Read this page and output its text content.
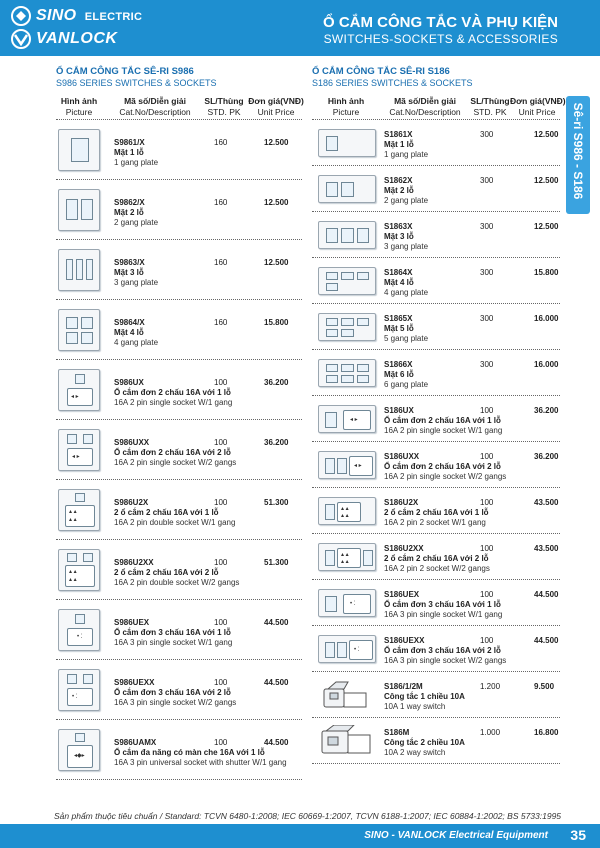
SINO ELECTRIC
VANLOCK
Ổ CẮM CÔNG TẮC VÀ PHỤ KIỆN
SWITCHES-SOCKETS & ACCESSORIES
Sê-ri S986 - S186
Ổ CẮM CÔNG TẮC SÊ-RI S986
S986 SERIES SWITCHES & SOCKETS
Ổ CẮM CÔNG TẮC SÊ-RI S186
S186 SERIES SWITCHES & SOCKETS
Hình ảnh
Picture
Mã số/Diễn giải
Cat.No/Description
SL/Thùng
STD. PK
Đơn giá(VNĐ)
Unit Price
S9861/X	160	12.500
Mặt 1 lỗ
1 gang plate
S9862/X	160	12.500
Mặt 2 lỗ
2 gang plate
S9863/X	160	12.500
Mặt 3 lỗ
3 gang plate
S9864/X	160	15.800
Mặt 4 lỗ
4 gang plate
◂ ▸
S986UX	100	36.200
Ổ cắm đơn 2 chấu 16A với 1 lỗ
16A 2 pin single socket W/1 gang
◂ ▸
S986UXX	100	36.200
Ổ cắm đơn 2 chấu 16A với 2 lỗ
16A 2 pin single socket W/2 gangs
▴ ▴
▴ ▴
S986U2X	100	51.300
2 ổ cắm 2 chấu 16A với 1 lỗ
16A 2 pin double socket W/1 gang
▴ ▴
▴ ▴
S986U2XX	100	51.300
2 ổ cắm 2 chấu 16A với 2 lỗ
16A 2 pin double socket W/2 gangs
• ⁚
S986UEX	100	44.500
Ổ cắm đơn 3 chấu 16A với 1 lỗ
16A 3 pin single socket W/1 gang
• ⁚
S986UEXX	100	44.500
Ổ cắm đơn 3 chấu 16A với 2 lỗ
16A 3 pin single socket W/2 gangs
◂◆▸
S986UAMX	100	44.500
Ổ cắm đa năng có màn che 16A với 1 lỗ
16A 3 pin universal socket with shutter W/1 gang
Hình ảnh
Picture
Mã số/Diễn giải
Cat.No/Description
SL/Thùng
STD. PK
Đơn giá(VNĐ)
Unit Price
S1861X	300	12.500
Mặt 1 lỗ
1 gang plate
S1862X	300	12.500
Mặt 2 lỗ
2 gang plate
S1863X	300	12.500
Mặt 3 lỗ
3 gang plate
S1864X	300	15.800
Mặt 4 lỗ
4 gang plate
S1865X	300	16.000
Mặt 5 lỗ
5 gang plate
S1866X	300	16.000
Mặt 6 lỗ
6 gang plate
◂ ▸
S186UX	100	36.200
Ổ cắm đơn 2 chấu 16A với 1 lỗ
16A 2 pin single socket W/1 gang
◂ ▸
S186UXX	100	36.200
Ổ cắm đơn 2 chấu 16A với 2 lỗ
16A 2 pin single socket W/2 gangs
▴ ▴
▴ ▴
S186U2X	100	43.500
2 ổ cắm 2 chấu 16A với 1 lỗ
16A 2 pin 2 socket W/1 gang
▴ ▴
▴ ▴
S186U2XX	100	43.500
2 ổ cắm 2 chấu 16A với 2 lỗ
16A 2 pin 2 socket W/2 gangs
• ⁚
S186UEX	100	44.500
Ổ cắm đơn 3 chấu 16A với 1 lỗ
16A 3 pin single socket W/1 gang
• ⁚
S186UEXX	100	44.500
Ổ cắm đơn 3 chấu 16A với 2 lỗ
16A 3 pin single socket W/2 gangs
S186/1/2M	1.200	9.500
Công tắc 1 chiều 10A
10A 1 way switch
S186M	1.000	16.800
Công tắc 2 chiều 10A
10A 2 way switch
Sản phẩm thuộc tiêu chuẩn / Standard: TCVN 6480-1:2008; IEC 60669-1:2007, TCVN 6188-1:2007; IEC 60884-1:2002; BS 5733:1995
SINO - VANLOCK Electrical Equipment 35
